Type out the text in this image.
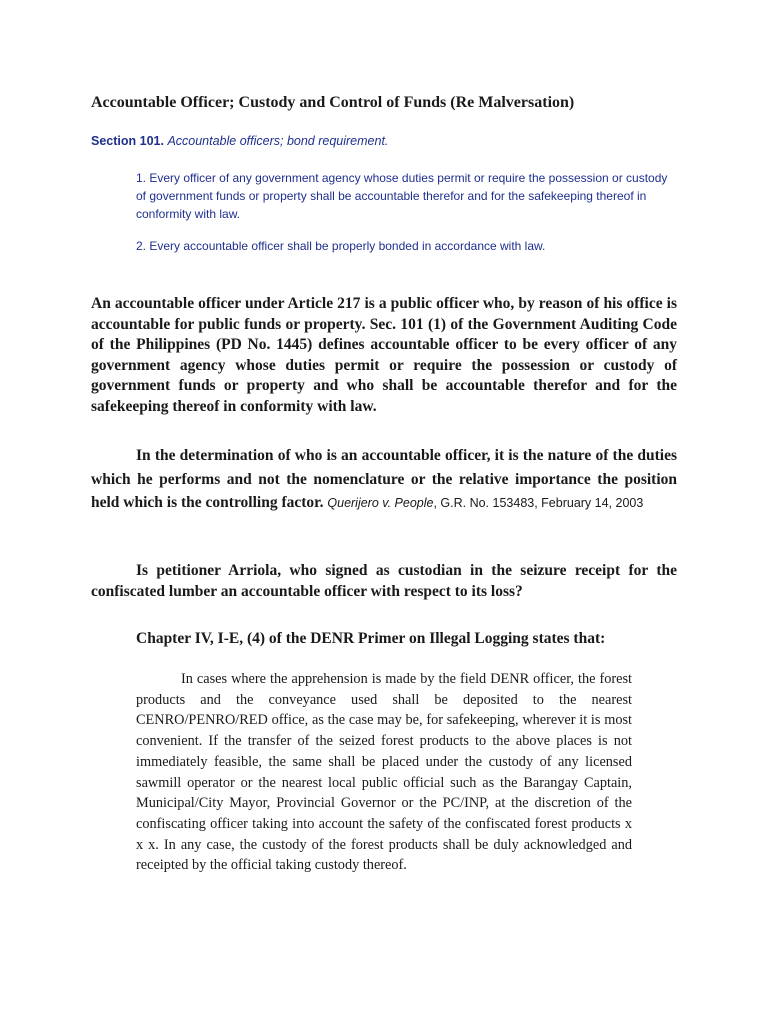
Accountable Officer; Custody and Control of Funds (Re Malversation)

Section 101. Accountable officers; bond requirement.

1. Every officer of any government agency whose duties permit or require the possession or custody of government funds or property shall be accountable therefor and for the safekeeping thereof in conformity with law.

2. Every accountable officer shall be properly bonded in accordance with law.

An accountable officer under Article 217 is a public officer who, by reason of his office is accountable for public funds or property. Sec. 101 (1) of the Government Auditing Code of the Philippines (PD No. 1445) defines accountable officer to be every officer of any government agency whose duties permit or require the possession or custody of government funds or property and who shall be accountable therefor and for the safekeeping thereof in conformity with law.

In the determination of who is an accountable officer, it is the nature of the duties which he performs and not the nomenclature or the relative importance the position held which is the controlling factor. Querijero v. People, G.R. No. 153483, February 14, 2003

Is petitioner Arriola, who signed as custodian in the seizure receipt for the confiscated lumber an accountable officer with respect to its loss?

Chapter IV, I-E, (4) of the DENR Primer on Illegal Logging states that:

In cases where the apprehension is made by the field DENR officer, the forest products and the conveyance used shall be deposited to the nearest CENRO/PENRO/RED office, as the case may be, for safekeeping, wherever it is most convenient. If the transfer of the seized forest products to the above places is not immediately feasible, the same shall be placed under the custody of any licensed sawmill operator or the nearest local public official such as the Barangay Captain, Municipal/City Mayor, Provincial Governor or the PC/INP, at the discretion of the confiscating officer taking into account the safety of the confiscated forest products x x x. In any case, the custody of the forest products shall be duly acknowledged and receipted by the official taking custody thereof.
